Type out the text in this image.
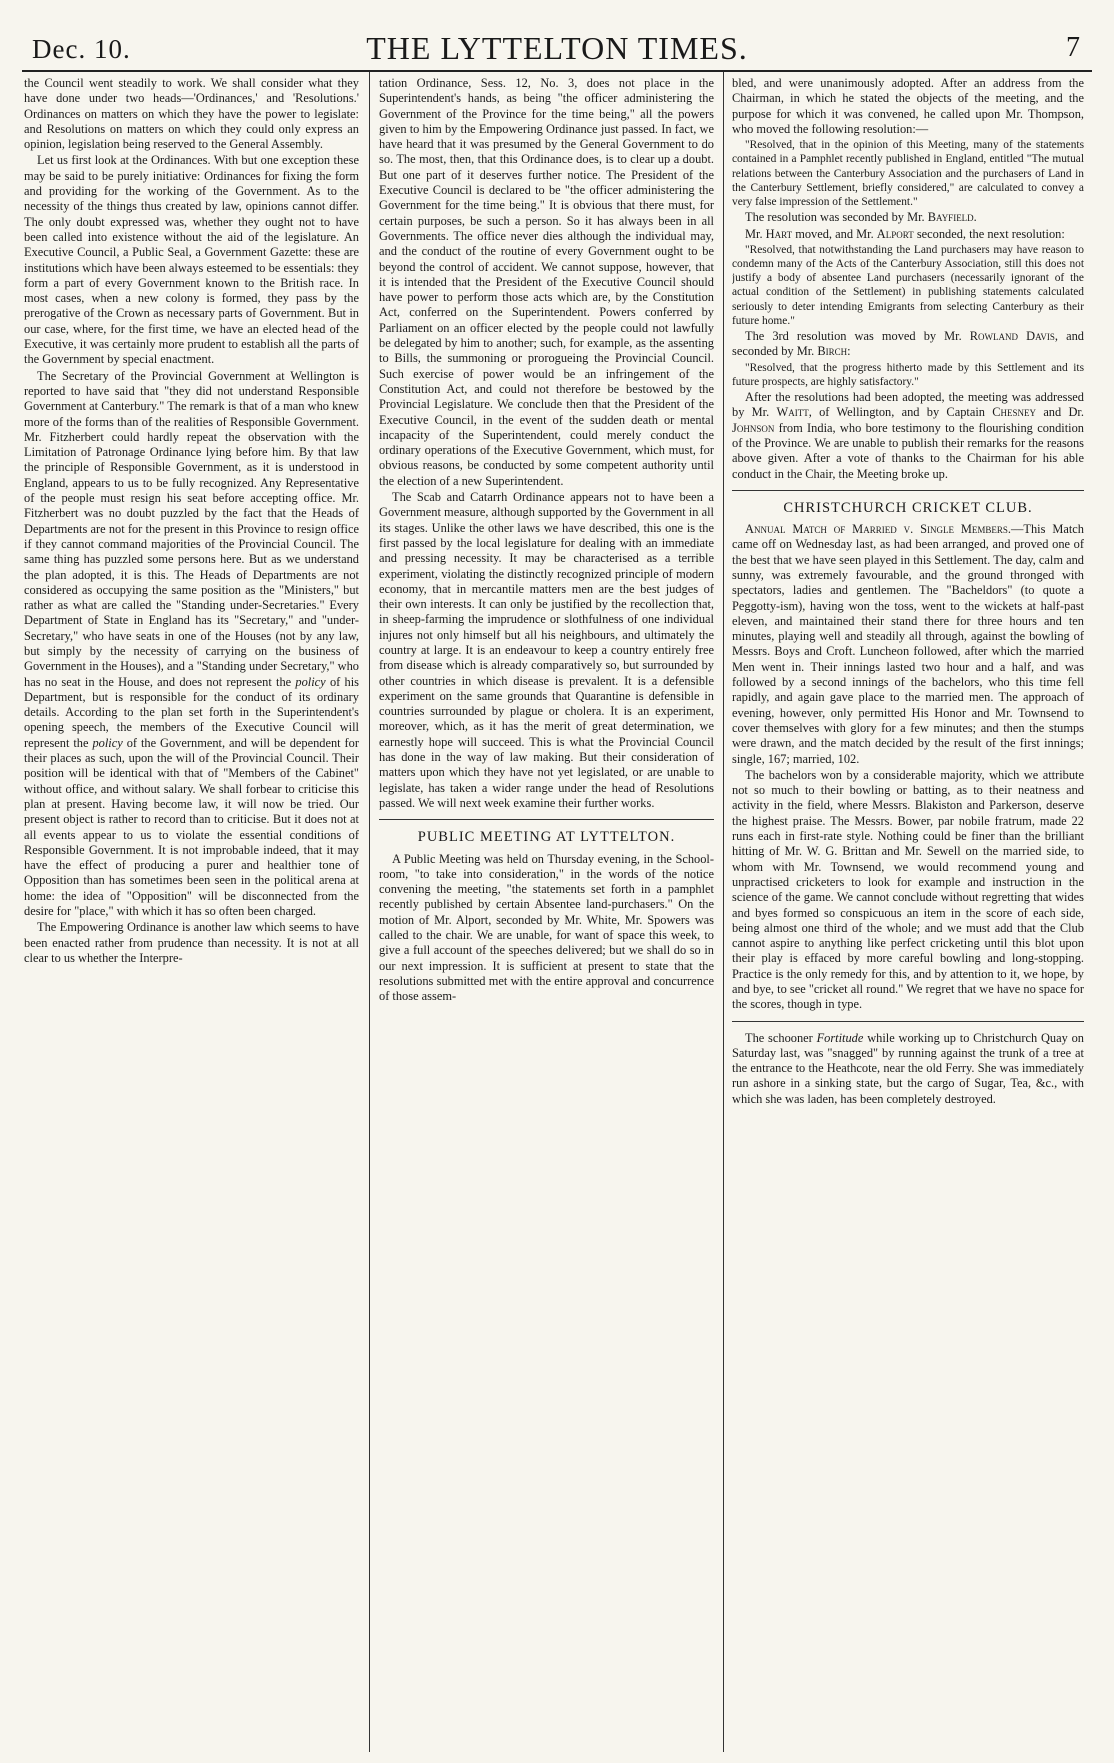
Dec. 10.	THE LYTTELTON TIMES.	7

the Council went steadily to work. We shall consider what they have done under two heads—'Ordinances,' and 'Resolutions.' Ordinances on matters on which they have the power to legislate: and Resolutions on matters on which they could only express an opinion, legislation being reserved to the General Assembly.

Let us first look at the Ordinances. With but one exception these may be said to be purely initiative: Ordinances for fixing the form and providing for the working of the Government. As to the necessity of the things thus created by law, opinions cannot differ. The only doubt expressed was, whether they ought not to have been called into existence without the aid of the legislature. An Executive Council, a Public Seal, a Government Gazette: these are institutions which have been always esteemed to be essentials: they form a part of every Government known to the British race. In most cases, when a new colony is formed, they pass by the prerogative of the Crown as necessary parts of Government. But in our case, where, for the first time, we have an elected head of the Executive, it was certainly more prudent to establish all the parts of the Government by special enactment.

The Secretary of the Provincial Government at Wellington is reported to have said that "they did not understand Responsible Government at Canterbury." The remark is that of a man who knew more of the forms than of the realities of Responsible Government. Mr. Fitzherbert could hardly repeat the observation with the Limitation of Patronage Ordinance lying before him. By that law the principle of Responsible Government, as it is understood in England, appears to us to be fully recognized. Any Representative of the people must resign his seat before accepting office. Mr. Fitzherbert was no doubt puzzled by the fact that the Heads of Departments are not for the present in this Province to resign office if they cannot command majorities of the Provincial Council. The same thing has puzzled some persons here. But as we understand the plan adopted, it is this. The Heads of Departments are not considered as occupying the same position as the "Ministers," but rather as what are called the "Standing under-Secretaries." Every Department of State in England has its "Secretary," and "under-Secretary," who have seats in one of the Houses (not by any law, but simply by the necessity of carrying on the business of Government in the Houses), and a "Standing under Secretary," who has no seat in the House, and does not represent the policy of his Department, but is responsible for the conduct of its ordinary details. According to the plan set forth in the Superintendent's opening speech, the members of the Executive Council will represent the policy of the Government, and will be dependent for their places as such, upon the will of the Provincial Council. Their position will be identical with that of "Members of the Cabinet" without office, and without salary. We shall forbear to criticise this plan at present. Having become law, it will now be tried. Our present object is rather to record than to criticise. But it does not at all events appear to us to violate the essential conditions of Responsible Government. It is not improbable indeed, that it may have the effect of producing a purer and healthier tone of Opposition than has sometimes been seen in the political arena at home: the idea of "Opposition" will be disconnected from the desire for "place," with which it has so often been charged.

The Empowering Ordinance is another law which seems to have been enacted rather from prudence than necessity. It is not at all clear to us whether the Interpre-

tation Ordinance, Sess. 12, No. 3, does not place in the Superintendent's hands, as being "the officer administering the Government of the Province for the time being," all the powers given to him by the Empowering Ordinance just passed. In fact, we have heard that it was presumed by the General Government to do so. The most, then, that this Ordinance does, is to clear up a doubt. But one part of it deserves further notice. The President of the Executive Council is declared to be "the officer administering the Government for the time being." It is obvious that there must, for certain purposes, be such a person. So it has always been in all Governments. The office never dies although the individual may, and the conduct of the routine of every Government ought to be beyond the control of accident. We cannot suppose, however, that it is intended that the President of the Executive Council should have power to perform those acts which are, by the Constitution Act, conferred on the Superintendent. Powers conferred by Parliament on an officer elected by the people could not lawfully be delegated by him to another; such, for example, as the assenting to Bills, the summoning or prorogueing the Provincial Council. Such exercise of power would be an infringement of the Constitution Act, and could not therefore be bestowed by the Provincial Legislature. We conclude then that the President of the Executive Council, in the event of the sudden death or mental incapacity of the Superintendent, could merely conduct the ordinary operations of the Executive Government, which must, for obvious reasons, be conducted by some competent authority until the election of a new Superintendent.

The Scab and Catarrh Ordinance appears not to have been a Government measure, although supported by the Government in all its stages. Unlike the other laws we have described, this one is the first passed by the local legislature for dealing with an immediate and pressing necessity. It may be characterised as a terrible experiment, violating the distinctly recognized principle of modern economy, that in mercantile matters men are the best judges of their own interests. It can only be justified by the recollection that, in sheep-farming the imprudence or slothfulness of one individual injures not only himself but all his neighbours, and ultimately the country at large. It is an endeavour to keep a country entirely free from disease which is already comparatively so, but surrounded by other countries in which disease is prevalent. It is a defensible experiment on the same grounds that Quarantine is defensible in countries surrounded by plague or cholera. It is an experiment, moreover, which, as it has the merit of great determination, we earnestly hope will succeed. This is what the Provincial Council has done in the way of law making. But their consideration of matters upon which they have not yet legislated, or are unable to legislate, has taken a wider range under the head of Resolutions passed. We will next week examine their further works.

PUBLIC MEETING AT LYTTELTON.

A Public Meeting was held on Thursday evening, in the School-room, "to take into consideration," in the words of the notice convening the meeting, "the statements set forth in a pamphlet recently published by certain Absentee land-purchasers." On the motion of Mr. Alport, seconded by Mr. White, Mr. Spowers was called to the chair. We are unable, for want of space this week, to give a full account of the speeches delivered; but we shall do so in our next impression. It is sufficient at present to state that the resolutions submitted met with the entire approval and concurrence of those assem-

bled, and were unanimously adopted. After an address from the Chairman, in which he stated the objects of the meeting, and the purpose for which it was convened, he called upon Mr. Thompson, who moved the following resolution:—

"Resolved, that in the opinion of this Meeting, many of the statements contained in a Pamphlet recently published in England, entitled "The mutual relations between the Canterbury Association and the purchasers of Land in the Canterbury Settlement, briefly considered," are calculated to convey a very false impression of the Settlement."

The resolution was seconded by Mr. Bayfield.

Mr. Hart moved, and Mr. Alport seconded, the next resolution:

"Resolved, that notwithstanding the Land purchasers may have reason to condemn many of the Acts of the Canterbury Association, still this does not justify a body of absentee Land purchasers (necessarily ignorant of the actual condition of the Settlement) in publishing statements calculated seriously to deter intending Emigrants from selecting Canterbury as their future home."

The 3rd resolution was moved by Mr. Rowland Davis, and seconded by Mr. Birch:

"Resolved, that the progress hitherto made by this Settlement and its future prospects, are highly satisfactory."

After the resolutions had been adopted, the meeting was addressed by Mr. Waitt, of Wellington, and by Captain Chesney and Dr. Johnson from India, who bore testimony to the flourishing condition of the Province. We are unable to publish their remarks for the reasons above given. After a vote of thanks to the Chairman for his able conduct in the Chair, the Meeting broke up.

CHRISTCHURCH CRICKET CLUB.

Annual Match of Married v. Single Members.—This Match came off on Wednesday last, as had been arranged, and proved one of the best that we have seen played in this Settlement. The day, calm and sunny, was extremely favourable, and the ground thronged with spectators, ladies and gentlemen. The "Bacheldors" (to quote a Peggotty-ism), having won the toss, went to the wickets at half-past eleven, and maintained their stand there for three hours and ten minutes, playing well and steadily all through, against the bowling of Messrs. Boys and Croft. Luncheon followed, after which the married Men went in. Their innings lasted two hour and a half, and was followed by a second innings of the bachelors, who this time fell rapidly, and again gave place to the married men. The approach of evening, however, only permitted His Honor and Mr. Townsend to cover themselves with glory for a few minutes; and then the stumps were drawn, and the match decided by the result of the first innings; single, 167; married, 102.

The bachelors won by a considerable majority, which we attribute not so much to their bowling or batting, as to their neatness and activity in the field, where Messrs. Blakiston and Parkerson, deserve the highest praise. The Messrs. Bower, par nobile fratrum, made 22 runs each in first-rate style. Nothing could be finer than the brilliant hitting of Mr. W. G. Brittan and Mr. Sewell on the married side, to whom with Mr. Townsend, we would recommend young and unpractised cricketers to look for example and instruction in the science of the game. We cannot conclude without regretting that wides and byes formed so conspicuous an item in the score of each side, being almost one third of the whole; and we must add that the Club cannot aspire to anything like perfect cricketing until this blot upon their play is effaced by more careful bowling and long-stopping. Practice is the only remedy for this, and by attention to it, we hope, by and bye, to see "cricket all round." We regret that we have no space for the scores, though in type.

The schooner Fortitude while working up to Christchurch Quay on Saturday last, was "snagged" by running against the trunk of a tree at the entrance to the Heathcote, near the old Ferry. She was immediately run ashore in a sinking state, but the cargo of Sugar, Tea, &c., with which she was laden, has been completely destroyed.
